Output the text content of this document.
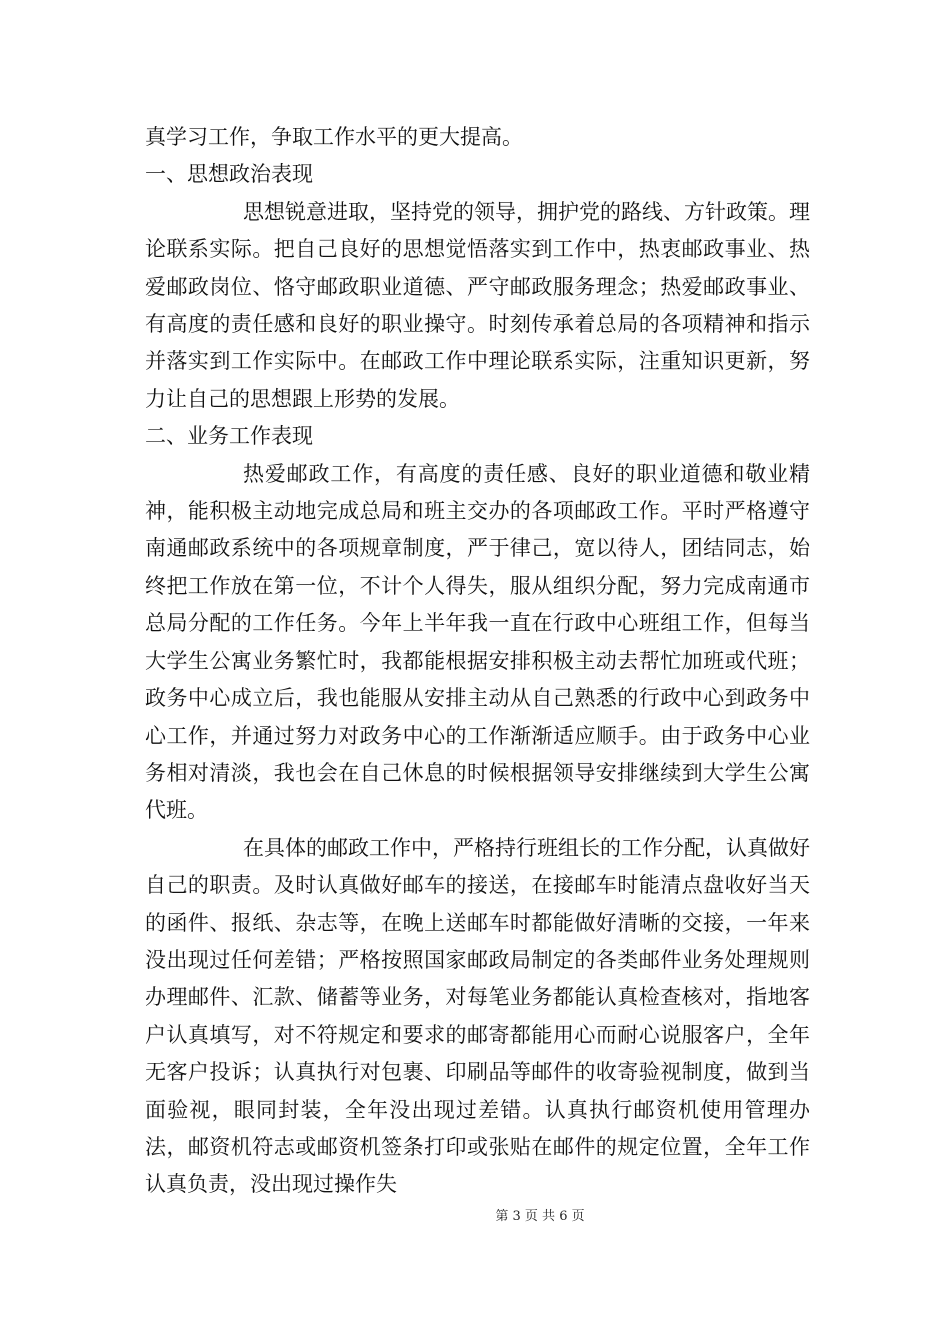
真学习工作，争取工作水平的更大提高。

一、思想政治表现

思想锐意进取，坚持党的领导，拥护党的路线、方针政策。理论联系实际。把自己良好的思想觉悟落实到工作中，热衷邮政事业、热爱邮政岗位、恪守邮政职业道德、严守邮政服务理念；热爱邮政事业、有高度的责任感和良好的职业操守。时刻传承着总局的各项精神和指示并落实到工作实际中。在邮政工作中理论联系实际，注重知识更新，努力让自己的思想跟上形势的发展。

二、业务工作表现

热爱邮政工作，有高度的责任感、良好的职业道德和敬业精神，能积极主动地完成总局和班主交办的各项邮政工作。平时严格遵守南通邮政系统中的各项规章制度，严于律己，宽以待人，团结同志，始终把工作放在第一位，不计个人得失，服从组织分配，努力完成南通市总局分配的工作任务。今年上半年我一直在行政中心班组工作，但每当大学生公寓业务繁忙时，我都能根据安排积极主动去帮忙加班或代班；政务中心成立后，我也能服从安排主动从自己熟悉的行政中心到政务中心工作，并通过努力对政务中心的工作渐渐适应顺手。由于政务中心业务相对清淡，我也会在自己休息的时候根据领导安排继续到大学生公寓代班。

在具体的邮政工作中，严格持行班组长的工作分配，认真做好自己的职责。及时认真做好邮车的接送，在接邮车时能清点盘收好当天的函件、报纸、杂志等，在晚上送邮车时都能做好清晰的交接，一年来没出现过任何差错；严格按照国家邮政局制定的各类邮件业务处理规则办理邮件、汇款、储蓄等业务，对每笔业务都能认真检查核对，指地客户认真填写，对不符规定和要求的邮寄都能用心而耐心说服客户，全年无客户投诉；认真执行对包裹、印刷品等邮件的收寄验视制度，做到当面验视，眼同封装，全年没出现过差错。认真执行邮资机使用管理办法，邮资机符志或邮资机签条打印或张贴在邮件的规定位置，全年工作认真负责，没出现过操作失

第 3 页 共 6 页
